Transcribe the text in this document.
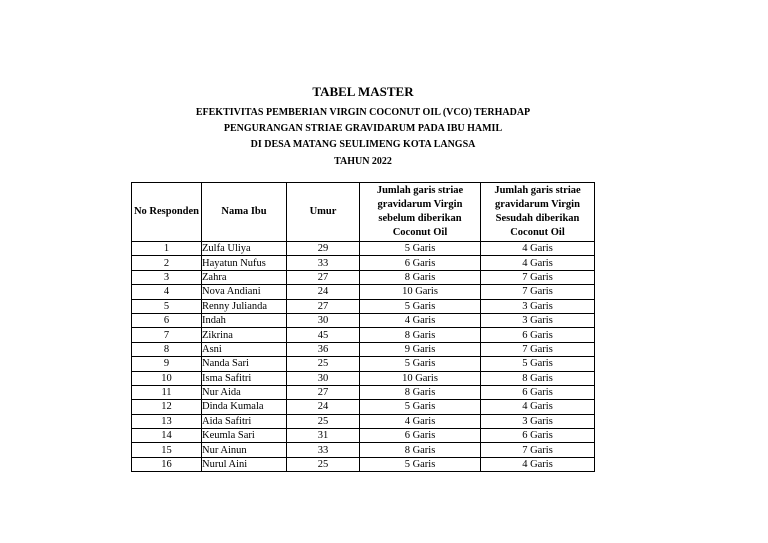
TABEL MASTER
EFEKTIVITAS PEMBERIAN VIRGIN COCONUT OIL (VCO) TERHADAP
PENGURANGAN STRIAE GRAVIDARUM PADA IBU HAMIL
DI DESA MATANG SEULIMENG KOTA LANGSA
TAHUN 2022
No Responden	Nama Ibu	Umur	Jumlah garis striae gravidarum Virgin sebelum diberikan Coconut Oil	Jumlah garis striae gravidarum Virgin Sesudah diberikan Coconut Oil
1	Zulfa Uliya	29	5 Garis	4 Garis
2	Hayatun Nufus	33	6 Garis	4 Garis
3	Zahra	27	8 Garis	7 Garis
4	Nova Andiani	24	10 Garis	7 Garis
5	Renny Julianda	27	5 Garis	3 Garis
6	Indah	30	4 Garis	3 Garis
7	Zikrina	45	8 Garis	6 Garis
8	Asni	36	9 Garis	7 Garis
9	Nanda Sari	25	5 Garis	5 Garis
10	Isma Safitri	30	10 Garis	8 Garis
11	Nur Aida	27	8 Garis	6 Garis
12	Dinda Kumala	24	5 Garis	4 Garis
13	Aida Safitri	25	4 Garis	3 Garis
14	Keumla Sari	31	6 Garis	6 Garis
15	Nur Ainun	33	8 Garis	7 Garis
16	Nurul Aini	25	5 Garis	4 Garis
